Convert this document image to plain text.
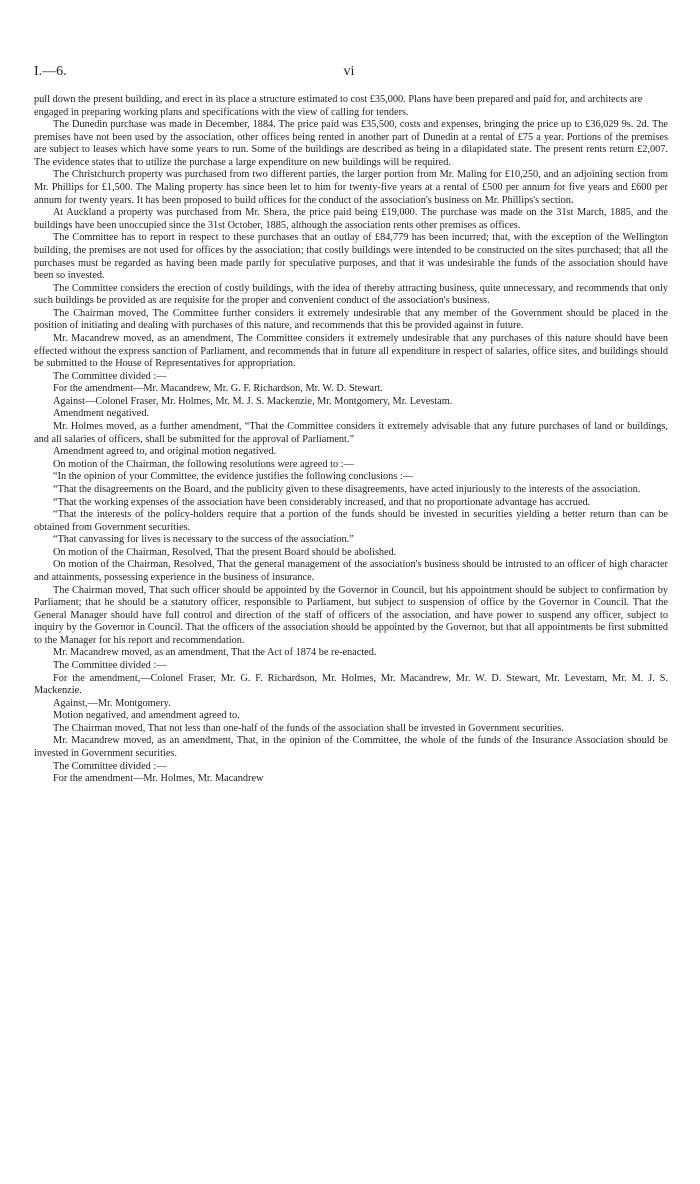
I.—6.	vi

pull down the present building, and erect in its place a structure estimated to cost £35,000. Plans have been prepared and paid for, and architects are engaged in preparing working plans and specifications with the view of calling for tenders.

The Dunedin purchase was made in December, 1884. The price paid was £35,500, costs and expenses, bringing the price up to £36,029 9s. 2d. The premises have not been used by the association, other offices being rented in another part of Dunedin at a rental of £75 a year. Portions of the premises are subject to leases which have some years to run. Some of the buildings are described as being in a dilapidated state. The present rents return £2,007. The evidence states that to utilize the purchase a large expenditure on new buildings will be required.

The Christchurch property was purchased from two different parties, the larger portion from Mr. Maling for £10,250, and an adjoining section from Mr. Phillips for £1,500. The Maling property has since been let to him for twenty-five years at a rental of £500 per annum for five years and £600 per annum for twenty years. It has been proposed to build offices for the conduct of the association's business on Mr. Phillips's section.

At Auckland a property was purchased from Mr. Shera, the price paid being £19,000. The purchase was made on the 31st March, 1885, and the buildings have been unoccupied since the 31st October, 1885, although the association rents other premises as offices.

The Committee has to report in respect to these purchases that an outlay of £84,779 has been incurred; that, with the exception of the Wellington building, the premises are not used for offices by the association; that costly buildings were intended to be constructed on the sites purchased; that all the purchases must be regarded as having been made partly for speculative purposes, and that it was undesirable the funds of the association should have been so invested.

The Committee considers the erection of costly buildings, with the idea of thereby attracting business, quite unnecessary, and recommends that only such buildings be provided as are requisite for the proper and convenient conduct of the association's business.

The Chairman moved, The Committee further considers it extremely undesirable that any member of the Government should be placed in the position of initiating and dealing with purchases of this nature, and recommends that this be provided against in future.

Mr. Macandrew moved, as an amendment, The Committee considers it extremely undesirable that any purchases of this nature should have been effected without the express sanction of Parliament, and recommends that in future all expenditure in respect of salaries, office sites, and buildings should be submitted to the House of Representatives for appropriation.

The Committee divided :—

For the amendment—Mr. Macandrew, Mr. G. F. Richardson, Mr. W. D. Stewart.

Against—Colonel Fraser, Mr. Holmes, Mr. M. J. S. Mackenzie, Mr. Montgomery, Mr. Levestam.

Amendment negatived.

Mr. Holmes moved, as a further amendment, “That the Committee considers it extremely advisable that any future purchases of land or buildings, and all salaries of officers, shall be submitted for the approval of Parliament.”

Amendment agreed to, and original motion negatived.

On motion of the Chairman, the following resolutions were agreed to :—

“In the opinion of your Committee, the evidence justifies the following conclusions :—

“That the disagreements on the Board, and the publicity given to these disagreements, have acted injuriously to the interests of the association.

“That the working expenses of the association have been considerably increased, and that no proportionate advantage has accrued.

“That the interests of the policy-holders require that a portion of the funds should be invested in securities yielding a better return than can be obtained from Government securities.

“That canvassing for lives is necessary to the success of the association.”

On motion of the Chairman, Resolved, That the present Board should be abolished.

On motion of the Chairman, Resolved, That the general management of the association's business should be intrusted to an officer of high character and attainments, possessing experience in the business of insurance.

The Chairman moved, That such officer should be appointed by the Governor in Council, but his appointment should be subject to confirmation by Parliament; that he should be a statutory officer, responsible to Parliament, but subject to suspension of office by the Governor in Council. That the General Manager should have full control and direction of the staff of officers of the association, and have power to suspend any officer, subject to inquiry by the Governor in Council. That the officers of the association should be appointed by the Governor, but that all appointments be first submitted to the Manager for his report and recommendation.

Mr. Macandrew moved, as an amendment, That the Act of 1874 be re-enacted.

The Committee divided :—

For the amendment,—Colonel Fraser, Mr. G. F. Richardson, Mr. Holmes, Mr. Macandrew, Mr. W. D. Stewart, Mr. Levestam, Mr. M. J. S. Mackenzie.

Against,—Mr. Montgomery.

Motion negatived, and amendment agreed to.

The Chairman moved, That not less than one-half of the funds of the association shall be invested in Government securities.

Mr. Macandrew moved, as an amendment, That, in the opinion of the Committee, the whole of the funds of the Insurance Association should be invested in Government securities.

The Committee divided :—

For the amendment—Mr. Holmes, Mr. Macandrew
